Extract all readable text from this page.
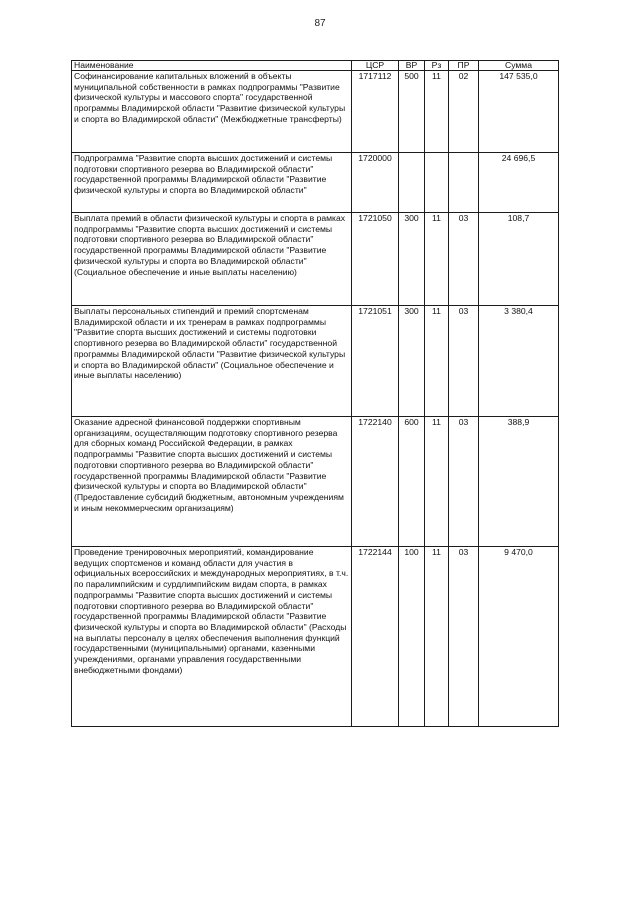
87
Наименование	ЦСР	ВР	Рз	ПР	Сумма
Софинансирование капитальных вложений в объекты муниципальной собственности в рамках подпрограммы "Развитие физической культуры и массового спорта" государственной программы Владимирской области "Развитие физической культуры и спорта во Владимирской области" (Межбюджетные трансферты)	1717112	500	11	02	147 535,0
Подпрограмма "Развитие спорта высших достижений и системы подготовки спортивного резерва во Владимирской области" государственной программы Владимирской области "Развитие физической культуры и спорта во Владимирской области"	1720000				24 696,5
Выплата премий в области физической культуры и спорта в рамках подпрограммы "Развитие спорта высших достижений и системы подготовки спортивного резерва во Владимирской области" государственной программы Владимирской области "Развитие физической культуры и спорта во Владимирской области" (Социальное обеспечение и иные выплаты населению)	1721050	300	11	03	108,7
Выплаты персональных стипендий и премий спортсменам Владимирской области и их тренерам в рамках подпрограммы "Развитие спорта высших достижений и системы подготовки спортивного резерва во Владимирской области" государственной программы Владимирской области "Развитие физической культуры и спорта во Владимирской области" (Социальное обеспечение и иные выплаты населению)	1721051	300	11	03	3 380,4
Оказание адресной финансовой поддержки спортивным организациям, осуществляющим подготовку спортивного резерва для сборных команд Российской Федерации, в рамках подпрограммы "Развитие спорта высших достижений и системы подготовки спортивного резерва во Владимирской области" государственной программы Владимирской области "Развитие физической культуры и спорта во Владимирской области" (Предоставление субсидий бюджетным, автономным учреждениям и иным некоммерческим организациям)	1722140	600	11	03	388,9
Проведение тренировочных мероприятий, командирование ведущих спортсменов и команд области для участия в официальных всероссийских и международных мероприятиях, в т.ч. по паралимпийским и сурдлимпийским видам спорта, в рамках подпрограммы "Развитие спорта высших достижений и системы подготовки спортивного резерва во Владимирской области" государственной программы Владимирской области "Развитие физической культуры и спорта во Владимирской области" (Расходы на выплаты персоналу в целях обеспечения выполнения функций государственными (муниципальными) органами, казенными учреждениями, органами управления государственными внебюджетными фондами)	1722144	100	11	03	9 470,0
